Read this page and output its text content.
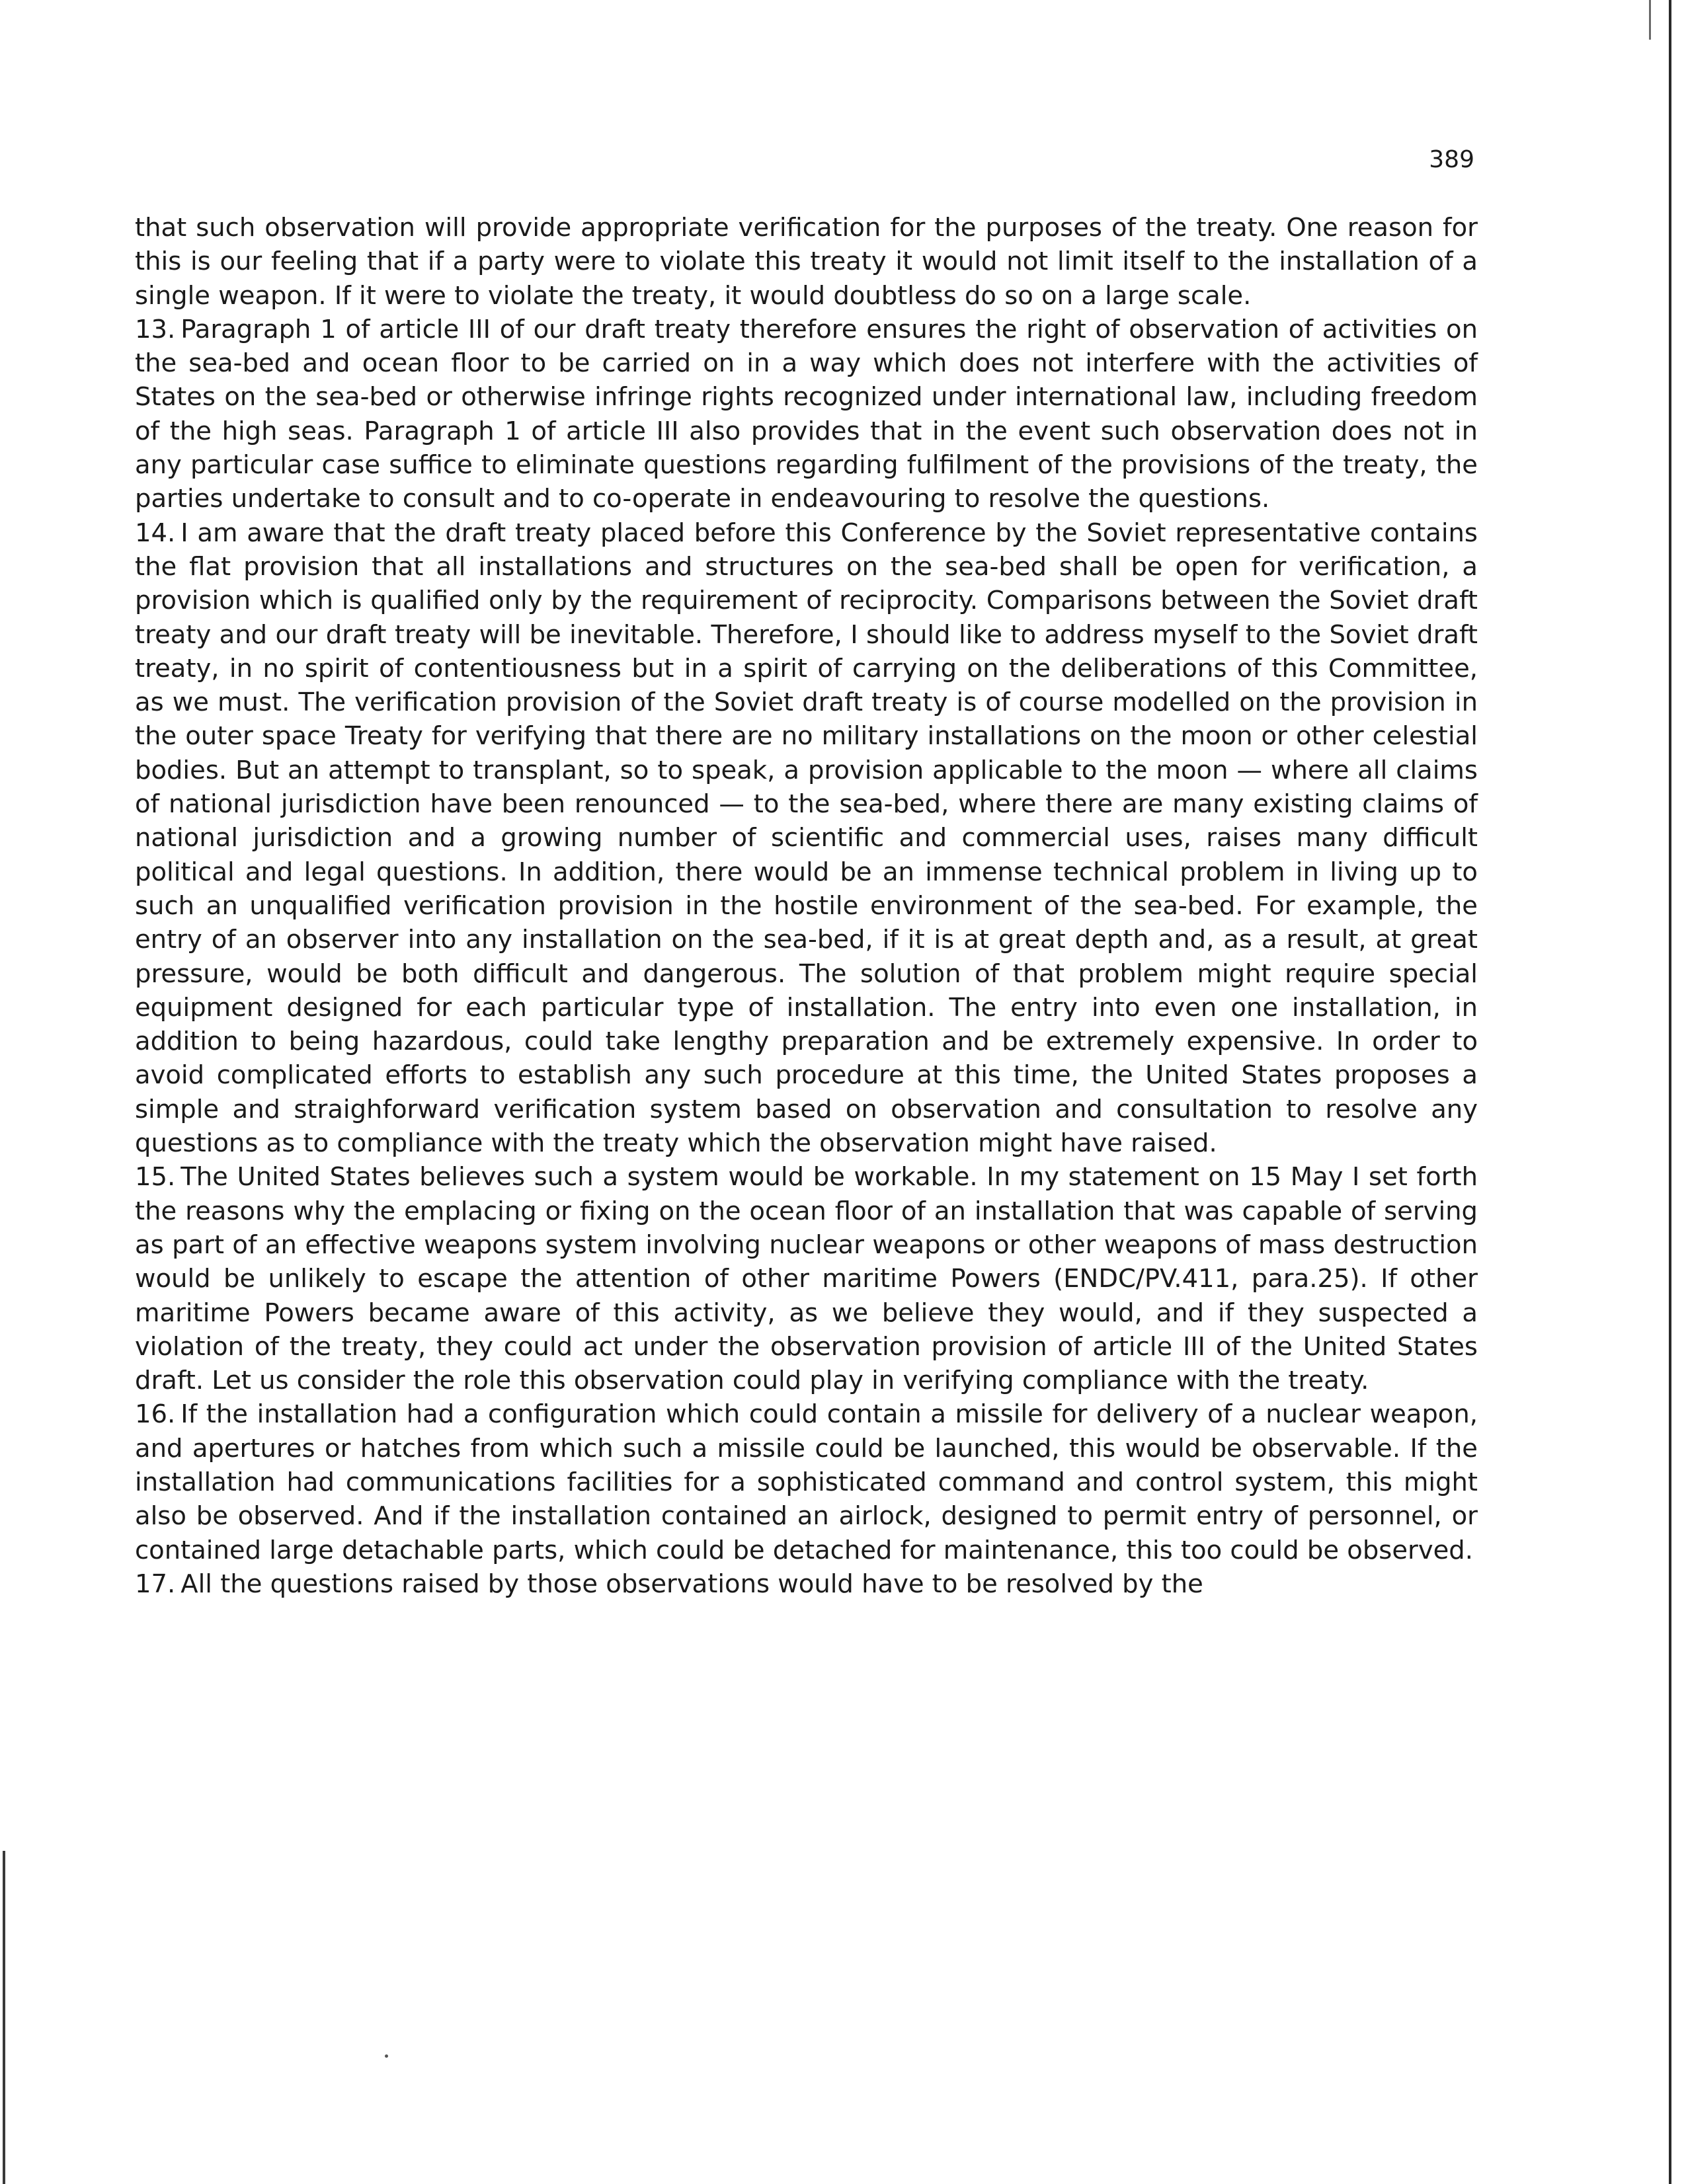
389

that such observation will provide appropriate verification for the purposes of the treaty. One reason for this is our feeling that if a party were to violate this treaty it would not limit itself to the installation of a single weapon. If it were to violate the treaty, it would doubtless do so on a large scale.

13. Paragraph 1 of article III of our draft treaty therefore ensures the right of observation of activities on the sea-bed and ocean floor to be carried on in a way which does not interfere with the activities of States on the sea-bed or otherwise infringe rights recognized under international law, including freedom of the high seas. Paragraph 1 of article III also provides that in the event such observation does not in any particular case suffice to eliminate questions regarding fulfilment of the provisions of the treaty, the parties undertake to consult and to co-operate in endeavouring to resolve the questions.

14. I am aware that the draft treaty placed before this Conference by the Soviet representative contains the flat provision that all installations and structures on the sea-bed shall be open for verification, a provision which is qualified only by the requirement of reciprocity. Comparisons between the Soviet draft treaty and our draft treaty will be inevitable. Therefore, I should like to address myself to the Soviet draft treaty, in no spirit of contentiousness but in a spirit of carrying on the deliberations of this Committee, as we must. The verification provision of the Soviet draft treaty is of course modelled on the provision in the outer space Treaty for verifying that there are no military installations on the moon or other celestial bodies. But an attempt to transplant, so to speak, a provision applicable to the moon — where all claims of national jurisdiction have been renounced — to the sea-bed, where there are many existing claims of national jurisdiction and a growing number of scientific and commercial uses, raises many difficult political and legal questions. In addition, there would be an immense technical problem in living up to such an unqualified verification provision in the hostile environment of the sea-bed. For example, the entry of an observer into any installation on the sea-bed, if it is at great depth and, as a result, at great pressure, would be both difficult and dangerous. The solution of that problem might require special equipment designed for each particular type of installation. The entry into even one installation, in addition to being hazardous, could take lengthy preparation and be extremely expensive. In order to avoid complicated efforts to establish any such procedure at this time, the United States proposes a simple and straighforward verification system based on observation and consultation to resolve any questions as to compliance with the treaty which the observation might have raised.

15. The United States believes such a system would be workable. In my statement on 15 May I set forth the reasons why the emplacing or fixing on the ocean floor of an installation that was capable of serving as part of an effective weapons system involving nuclear weapons or other weapons of mass destruction would be unlikely to escape the attention of other maritime Powers (ENDC/PV.411, para.25). If other maritime Powers became aware of this activity, as we believe they would, and if they suspected a violation of the treaty, they could act under the observation provision of article III of the United States draft. Let us consider the role this observation could play in verifying compliance with the treaty.

16. If the installation had a configuration which could contain a missile for delivery of a nuclear weapon, and apertures or hatches from which such a missile could be launched, this would be observable. If the installation had communications facilities for a sophisticated command and control system, this might also be observed. And if the installation contained an airlock, designed to permit entry of personnel, or contained large detachable parts, which could be detached for maintenance, this too could be observed.

17. All the questions raised by those observations would have to be resolved by the
